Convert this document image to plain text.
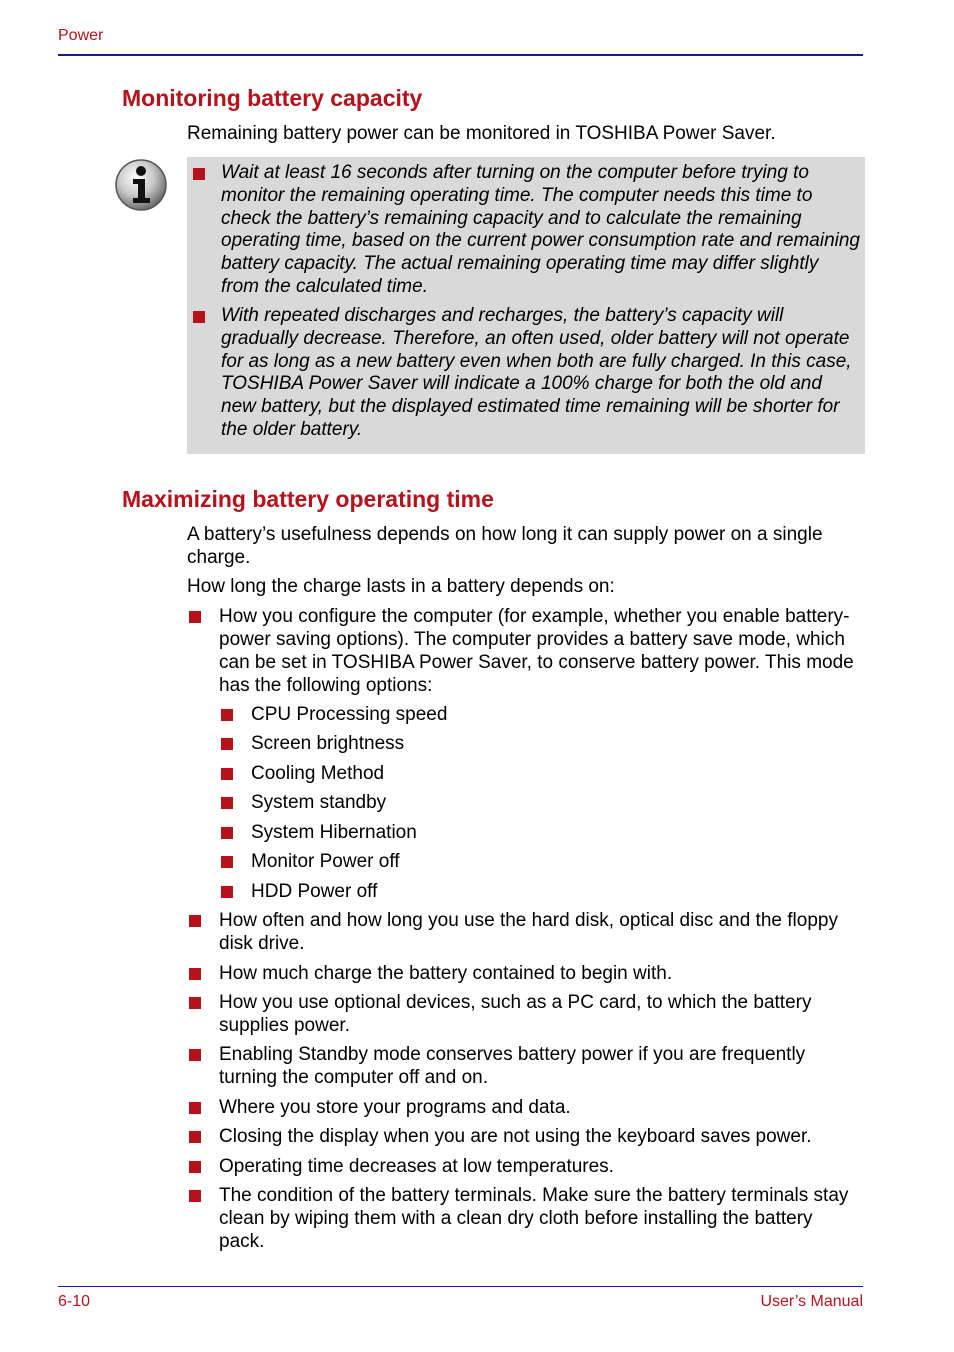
Power
Monitoring battery capacity

Remaining battery power can be monitored in TOSHIBA Power Saver.

Wait at least 16 seconds after turning on the computer before trying to monitor the remaining operating time. The computer needs this time to check the battery’s remaining capacity and to calculate the remaining operating time, based on the current power consumption rate and remaining battery capacity. The actual remaining operating time may differ slightly from the calculated time.
With repeated discharges and recharges, the battery’s capacity will gradually decrease. Therefore, an often used, older battery will not operate for as long as a new battery even when both are fully charged. In this case, TOSHIBA Power Saver will indicate a 100% charge for both the old and new battery, but the displayed estimated time remaining will be shorter for the older battery.
Maximizing battery operating time

A battery’s usefulness depends on how long it can supply power on a single charge.

How long the charge lasts in a battery depends on:

How you configure the computer (for example, whether you enable battery-power saving options). The computer provides a battery save mode, which can be set in TOSHIBA Power Saver, to conserve battery power. This mode has the following options:
CPU Processing speed
Screen brightness
Cooling Method
System standby
System Hibernation
Monitor Power off
HDD Power off
How often and how long you use the hard disk, optical disc and the floppy disk drive.
How much charge the battery contained to begin with.
How you use optional devices, such as a PC card, to which the battery supplies power.
Enabling Standby mode conserves battery power if you are frequently turning the computer off and on.
Where you store your programs and data.
Closing the display when you are not using the keyboard saves power.
Operating time decreases at low temperatures.
The condition of the battery terminals. Make sure the battery terminals stay clean by wiping them with a clean dry cloth before installing the battery pack.
6-10	User’s Manual
